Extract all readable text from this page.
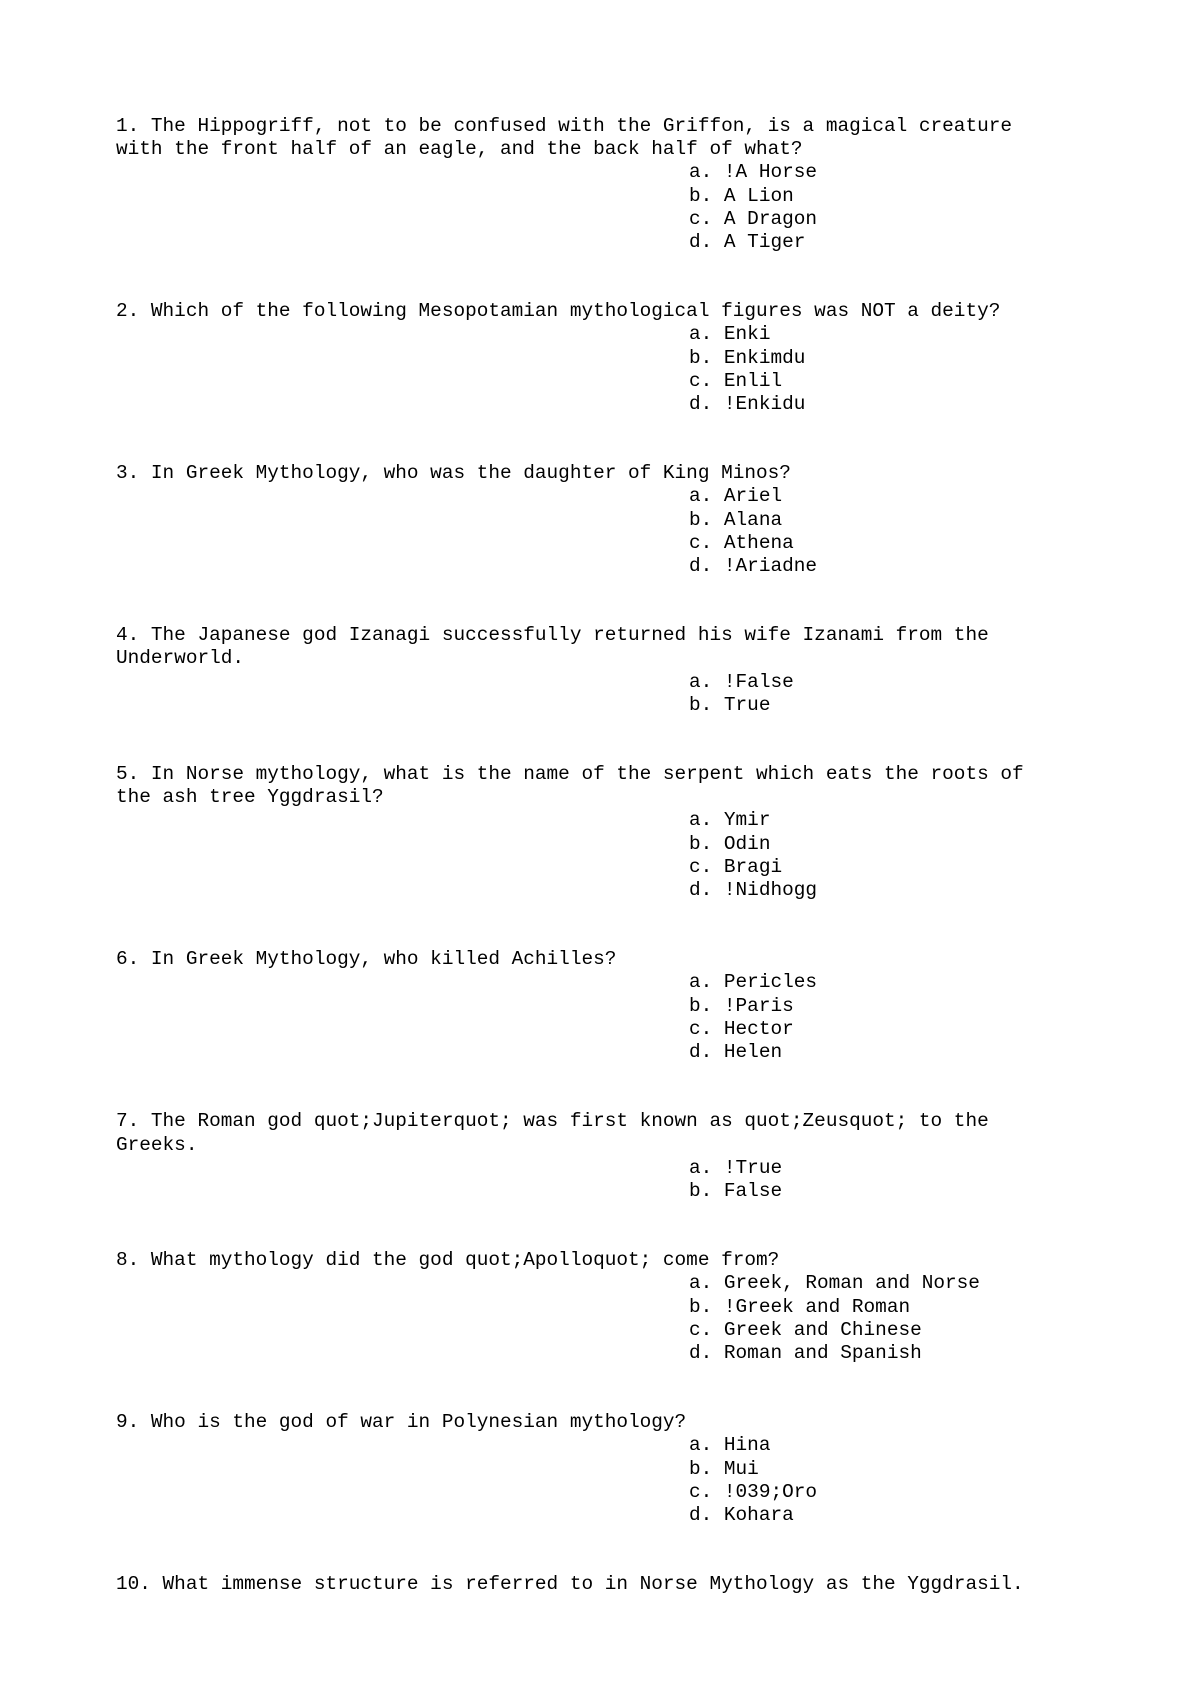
1. The Hippogriff, not to be confused with the Griffon, is a magical creature
with the front half of an eagle, and the back half of what?
a. !A Horse
b. A Lion
c. A Dragon
d. A Tiger
2. Which of the following Mesopotamian mythological figures was NOT a deity?
a. Enki
b. Enkimdu
c. Enlil
d. !Enkidu
3. In Greek Mythology, who was the daughter of King Minos?
a. Ariel
b. Alana
c. Athena
d. !Ariadne
4. The Japanese god Izanagi successfully returned his wife Izanami from the
Underworld.
a. !False
b. True
5. In Norse mythology, what is the name of the serpent which eats the roots of
the ash tree Yggdrasil?
a. Ymir
b. Odin
c. Bragi
d. !Nidhogg
6. In Greek Mythology, who killed Achilles?
a. Pericles
b. !Paris
c. Hector
d. Helen
7. The Roman god quot;Jupiterquot; was first known as quot;Zeusquot; to the
Greeks.
a. !True
b. False
8. What mythology did the god quot;Apolloquot; come from?
a. Greek, Roman and Norse
b. !Greek and Roman
c. Greek and Chinese
d. Roman and Spanish
9. Who is the god of war in Polynesian mythology?
a. Hina
b. Mui
c. !039;Oro
d. Kohara
10. What immense structure is referred to in Norse Mythology as the Yggdrasil.
